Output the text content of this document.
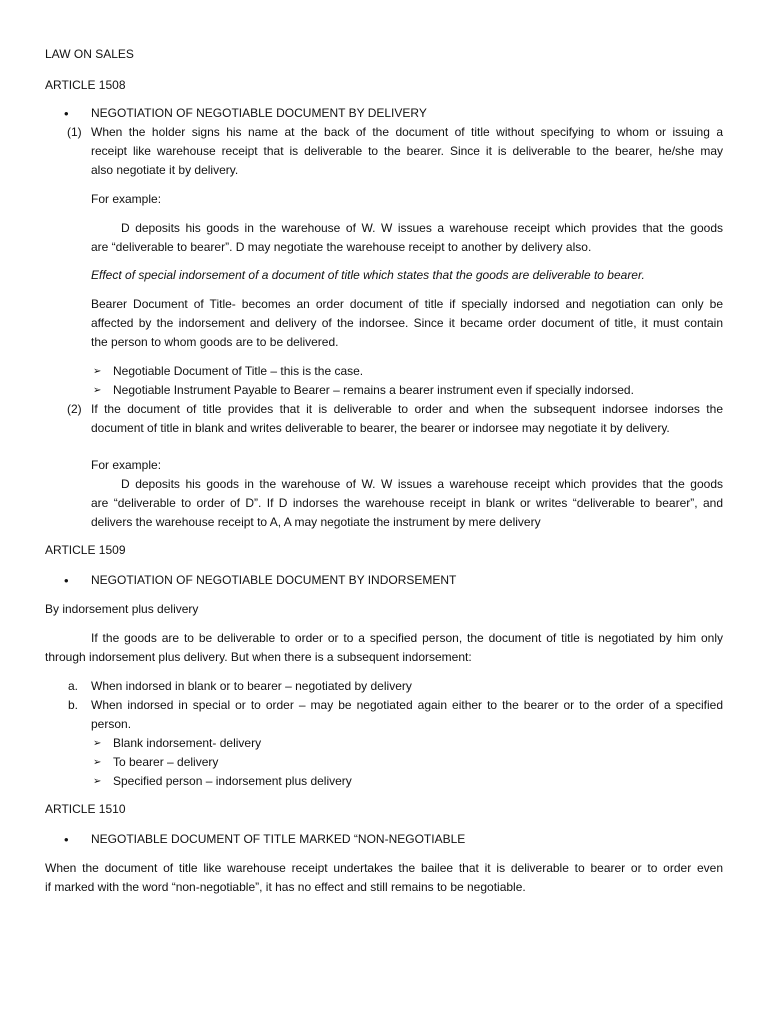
LAW ON SALES
ARTICLE 1508
• NEGOTIATION OF NEGOTIABLE DOCUMENT BY DELIVERY
(1) When the holder signs his name at the back of the document of title without specifying to whom or issuing a
receipt like warehouse receipt that is deliverable to the bearer. Since it is deliverable to the bearer, he/she may
also negotiate it by delivery.
For example:
D deposits his goods in the warehouse of W. W issues a warehouse receipt which provides that the goods
are “deliverable to bearer”. D may negotiate the warehouse receipt to another by delivery also.
Effect of special indorsement of a document of title which states that the goods are deliverable to bearer.
Bearer Document of Title- becomes an order document of title if specially indorsed and negotiation can only be
affected by the indorsement and delivery of the indorsee. Since it became order document of title, it must contain
the person to whom goods are to be delivered.
➢ Negotiable Document of Title – this is the case.
➢ Negotiable Instrument Payable to Bearer – remains a bearer instrument even if specially indorsed.
(2) If the document of title provides that it is deliverable to order and when the subsequent indorsee indorses the
document of title in blank and writes deliverable to bearer, the bearer or indorsee may negotiate it by delivery.
For example:
D deposits his goods in the warehouse of W. W issues a warehouse receipt which provides that the goods
are “deliverable to order of D”. If D indorses the warehouse receipt in blank or writes “deliverable to bearer”, and
delivers the warehouse receipt to A, A may negotiate the instrument by mere delivery
ARTICLE 1509
• NEGOTIATION OF NEGOTIABLE DOCUMENT BY INDORSEMENT
By indorsement plus delivery
If the goods are to be deliverable to order or to a specified person, the document of title is negotiated by him only
through indorsement plus delivery. But when there is a subsequent indorsement:
a. When indorsed in blank or to bearer – negotiated by delivery
b. When indorsed in special or to order – may be negotiated again either to the bearer or to the order of a specified
person.
➢ Blank indorsement- delivery
➢ To bearer – delivery
➢ Specified person – indorsement plus delivery
ARTICLE 1510
• NEGOTIABLE DOCUMENT OF TITLE MARKED “NON-NEGOTIABLE
When the document of title like warehouse receipt undertakes the bailee that it is deliverable to bearer or to order even
if marked with the word “non-negotiable”, it has no effect and still remains to be negotiable.
